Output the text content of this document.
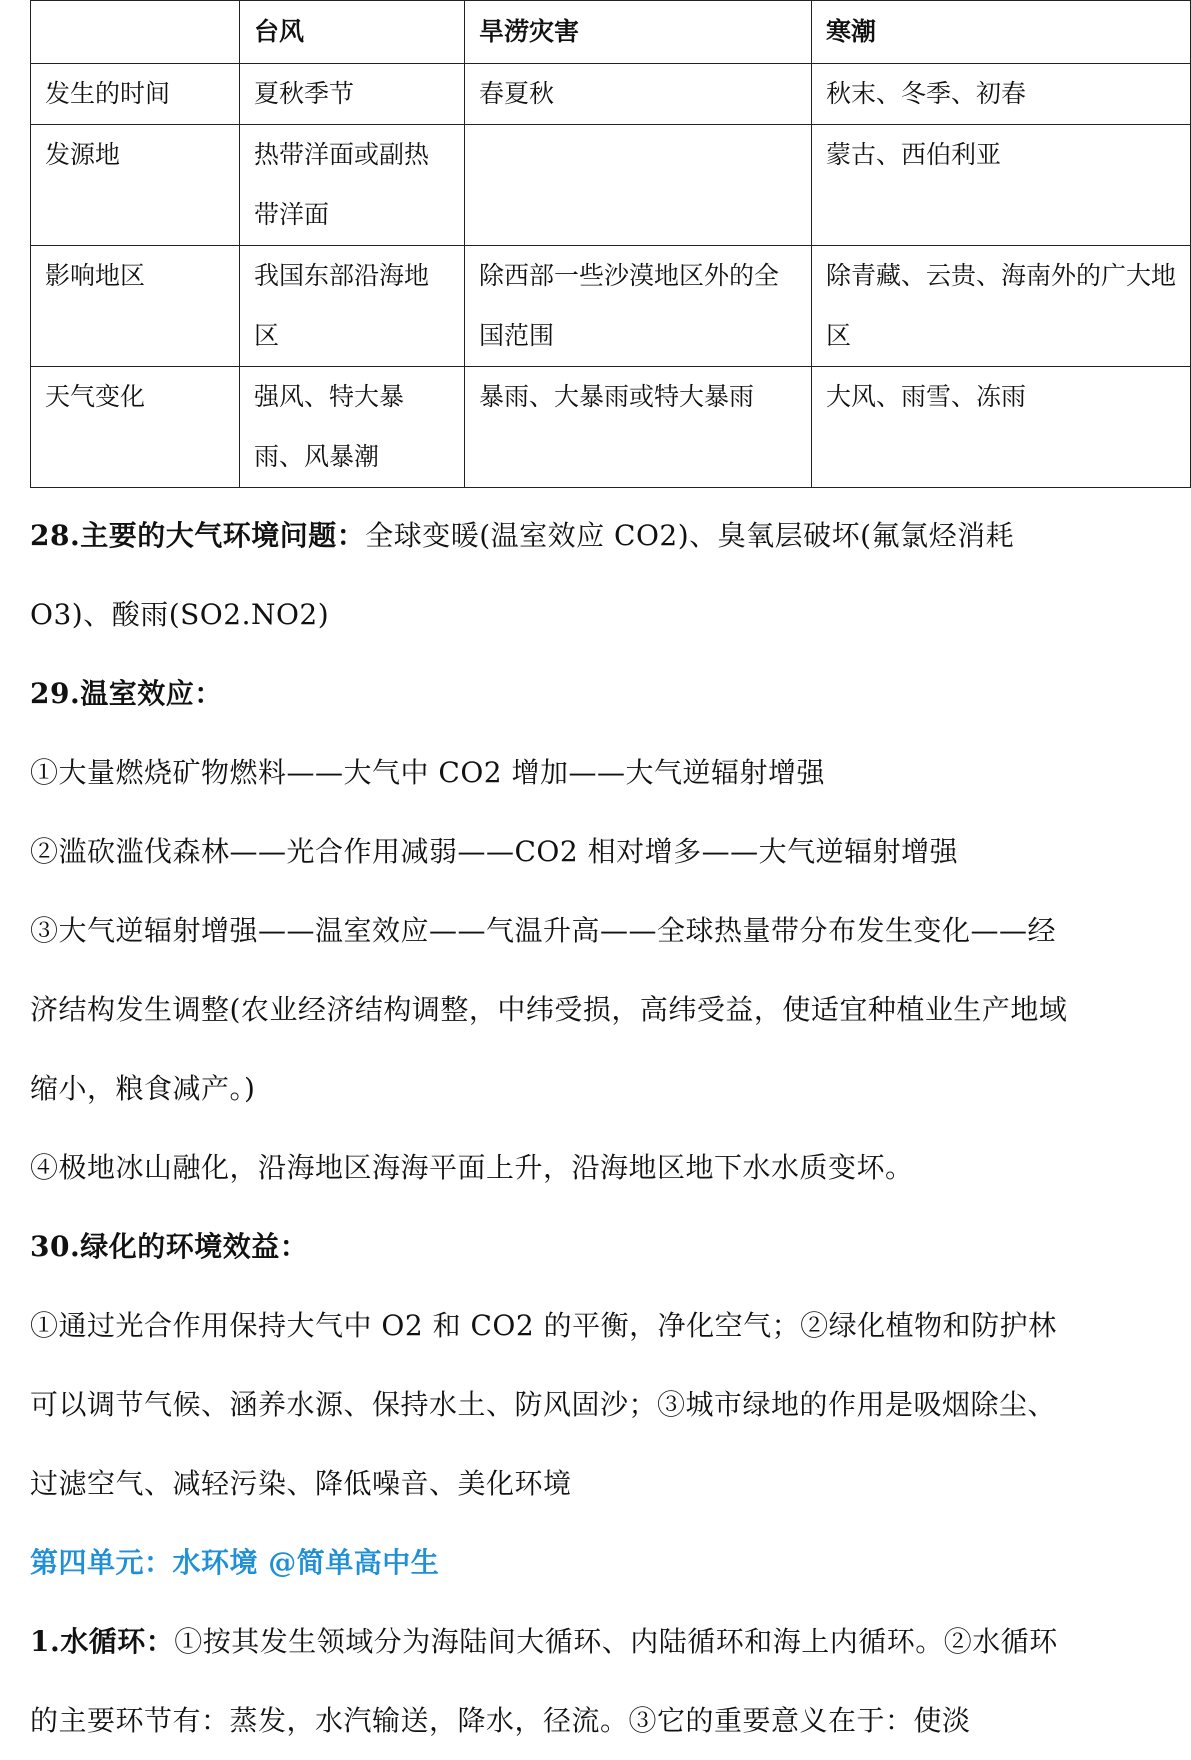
	台风	旱涝灾害	寒潮
发生的时间	夏秋季节	春夏秋	秋末、冬季、初春
发源地	热带洋面或副热带洋面		蒙古、西伯利亚
影响地区	我国东部沿海地区	除西部一些沙漠地区外的全国范围	除青藏、云贵、海南外的广大地区
天气变化	强风、特大暴雨、风暴潮	暴雨、大暴雨或特大暴雨	大风、雨雪、冻雨

28.主要的大气环境问题：全球变暖(温室效应 CO2)、臭氧层破坏(氟氯烃消耗 O3)、酸雨(SO2.NO2)

29.温室效应：

①大量燃烧矿物燃料——大气中 CO2 增加——大气逆辐射增强

②滥砍滥伐森林——光合作用减弱——CO2 相对增多——大气逆辐射增强

③大气逆辐射增强——温室效应——气温升高——全球热量带分布发生变化——经济结构发生调整(农业经济结构调整，中纬受损，高纬受益，使适宜种植业生产地域缩小，粮食减产。)

④极地冰山融化，沿海地区海海平面上升，沿海地区地下水水质变坏。

30.绿化的环境效益：

①通过光合作用保持大气中 O2 和 CO2 的平衡，净化空气；②绿化植物和防护林可以调节气候、涵养水源、保持水土、防风固沙；③城市绿地的作用是吸烟除尘、过滤空气、减轻污染、降低噪音、美化环境

第四单元：水环境 @简单高中生

1.水循环：①按其发生领域分为海陆间大循环、内陆循环和海上内循环。②水循环的主要环节有：蒸发，水汽输送，降水，径流。③它的重要意义在于：使淡
